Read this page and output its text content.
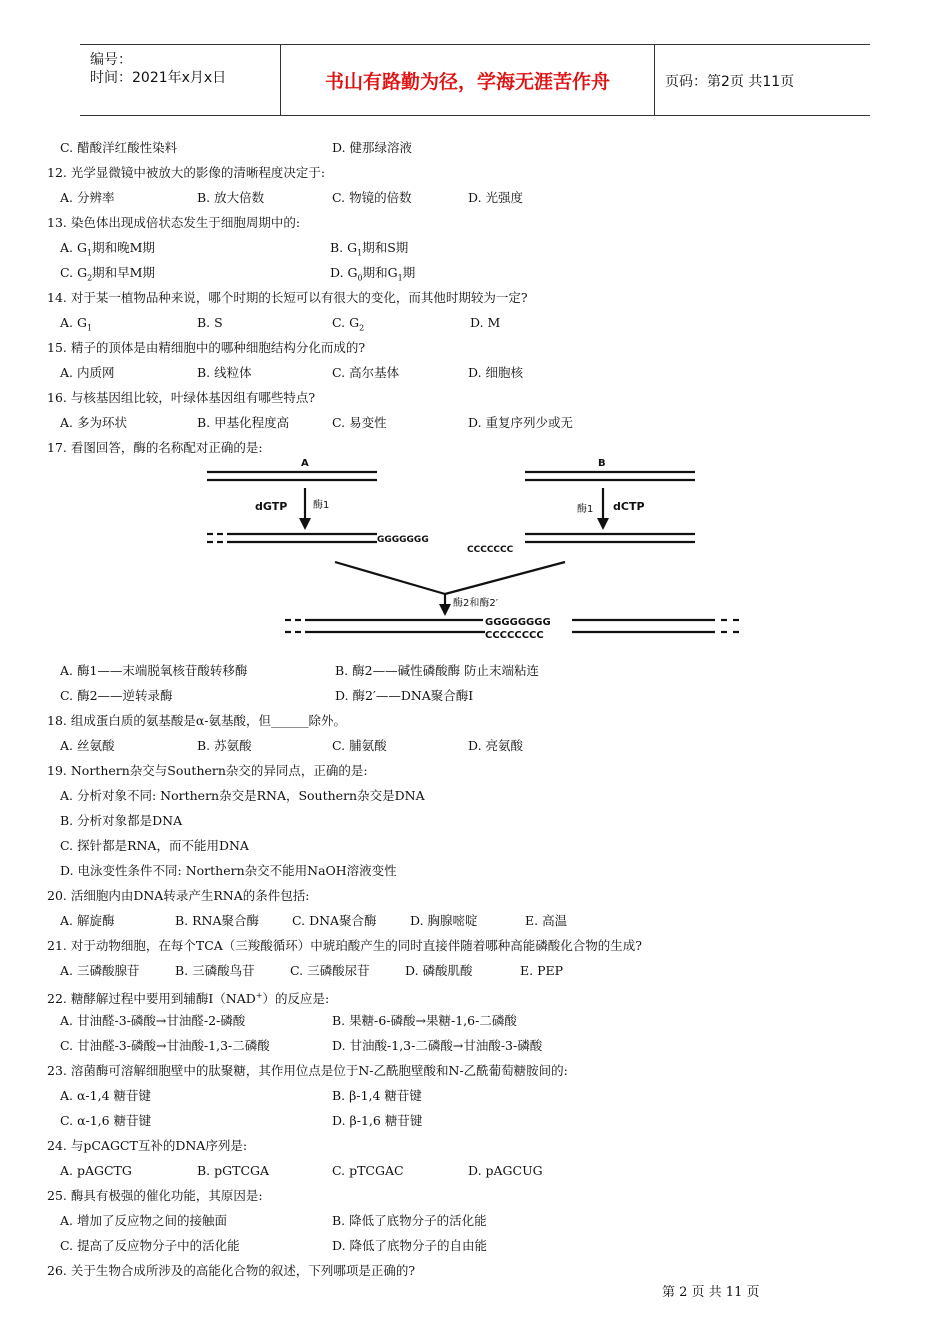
编号：
时间：2021年x月x日	书山有路勤为径，学海无涯苦作舟	页码：第2页 共11页
C. 醋酸洋红酸性染料	D. 健那绿溶液
12. 光学显微镜中被放大的影像的清晰程度决定于:
A. 分辨率	B. 放大倍数	C. 物镜的倍数	D. 光强度
13. 染色体出现成倍状态发生于细胞周期中的:
A. $G_1$期和晚M期	B. $G_1$期和S期
C. $G_2$期和早M期	D. $G_0$期和$G_1$期
14. 对于某一植物品种来说，哪个时期的长短可以有很大的变化，而其他时期较为一定?
A. $G_1$	B. S	C. $G_2$	D. M
15. 精子的顶体是由精细胞中的哪种细胞结构分化而成的?
A. 内质网	B. 线粒体	C. 高尔基体	D. 细胞核
16. 与核基因组比较，叶绿体基因组有哪些特点?
A. 多为环状	B. 甲基化程度高	C. 易变性	D. 重复序列少或无
17. 看图回答，酶的名称配对正确的是:
A	B
dGTP	酶1	酶1 dCTP
GGGGGGG
CCCCCCC
酶2和酶2′
GGGGGGGG
CCCCCCCC
A. 酶1——末端脱氧核苷酸转移酶	B. 酶2——碱性磷酸酶 防止末端粘连
C. 酶2——逆转录酶	D. 酶2′——DNA聚合酶Ⅰ
18. 组成蛋白质的氨基酸是α-氨基酸，但______除外。
A. 丝氨酸	B. 苏氨酸	C. 脯氨酸	D. 亮氨酸
19. Northern杂交与Southern杂交的异同点，正确的是:
A. 分析对象不同: Northern杂交是RNA，Southern杂交是DNA
B. 分析对象都是DNA
C. 探针都是RNA，而不能用DNA
D. 电泳变性条件不同: Northern杂交不能用NaOH溶液变性
20. 活细胞内由DNA转录产生RNA的条件包括:
A. 解旋酶	B. RNA聚合酶	C. DNA聚合酶	D. 胸腺嘧啶	E. 高温
21. 对于动物细胞，在每个TCA（三羧酸循环）中琥珀酸产生的同时直接伴随着哪种高能磷酸化合物的生成?
A. 三磷酸腺苷	B. 三磷酸鸟苷	C. 三磷酸尿苷	D. 磷酸肌酸	E. PEP
22. 糖酵解过程中要用到辅酶Ⅰ（NAD+）的反应是:
A. 甘油醛-3-磷酸→甘油醛-2-磷酸	B. 果糖-6-磷酸→果糖-1,6-二磷酸
C. 甘油醛-3-磷酸→甘油酸-1,3-二磷酸	D. 甘油酸-1,3-二磷酸→甘油酸-3-磷酸
23. 溶菌酶可溶解细胞壁中的肽聚糖，其作用位点是位于N-乙酰胞壁酸和N-乙酰葡萄糖胺间的:
A. α-1,4 糖苷键	B. β-1,4 糖苷键
C. α-1,6 糖苷键	D. β-1,6 糖苷键
24. 与pCAGCT互补的DNA序列是:
A. pAGCTG	B. pGTCGA	C. pTCGAC	D. pAGCUG
25. 酶具有极强的催化功能，其原因是:
A. 增加了反应物之间的接触面	B. 降低了底物分子的活化能
C. 提高了反应物分子中的活化能	D. 降低了底物分子的自由能
26. 关于生物合成所涉及的高能化合物的叙述，下列哪项是正确的?
第 2 页 共 11 页
